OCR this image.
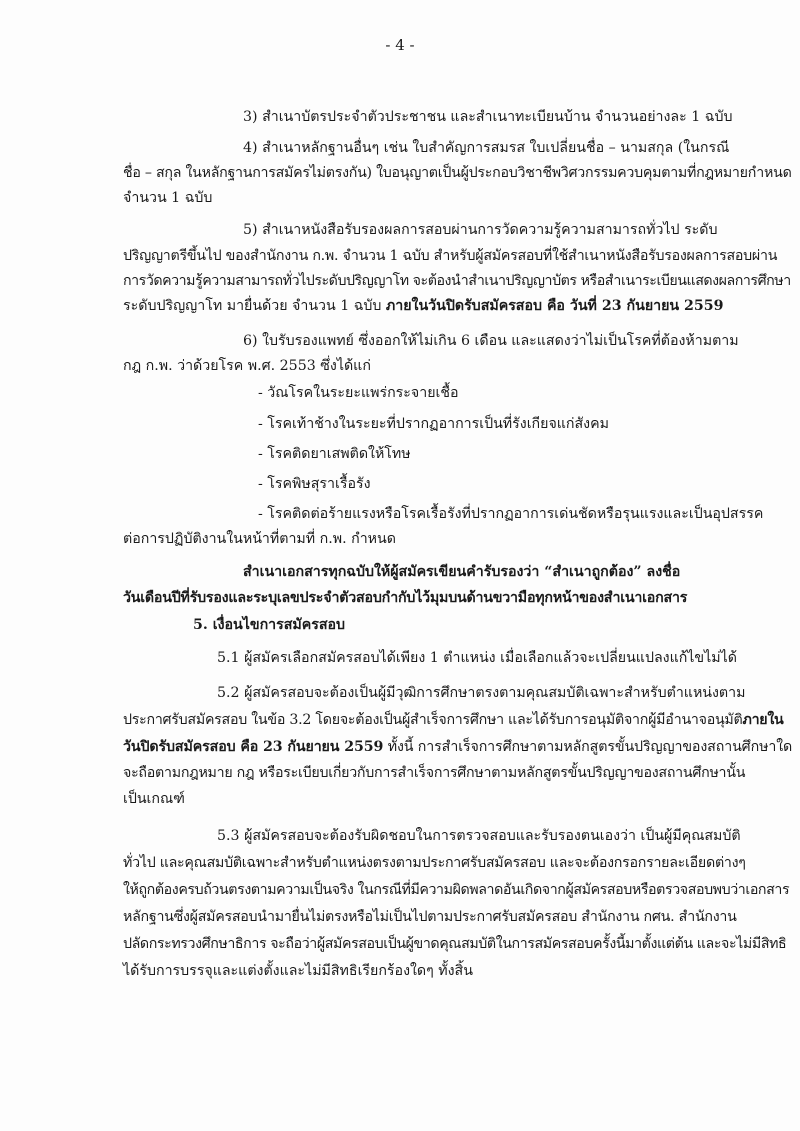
- 4 -
3) สำเนาบัตรประจำตัวประชาชน และสำเนาทะเบียนบ้าน จำนวนอย่างละ 1 ฉบับ
4) สำเนาหลักฐานอื่นๆ เช่น ใบสำคัญการสมรส ใบเปลี่ยนชื่อ – นามสกุล (ในกรณี
ชื่อ – สกุล ในหลักฐานการสมัครไม่ตรงกัน) ใบอนุญาตเป็นผู้ประกอบวิชาชีพวิศวกรรมควบคุมตามที่กฎหมายกำหนด
จำนวน 1 ฉบับ
5) สำเนาหนังสือรับรองผลการสอบผ่านการวัดความรู้ความสามารถทั่วไป ระดับ
ปริญญาตรีขึ้นไป ของสำนักงาน ก.พ. จำนวน 1 ฉบับ สำหรับผู้สมัครสอบที่ใช้สำเนาหนังสือรับรองผลการสอบผ่าน
การวัดความรู้ความสามารถทั่วไประดับปริญญาโท จะต้องนำสำเนาปริญญาบัตร หรือสำเนาระเบียนแสดงผลการศึกษา
ระดับปริญญาโท มายื่นด้วย จำนวน 1 ฉบับ ภายในวันปิดรับสมัครสอบ คือ วันที่ 23 กันยายน 2559
6) ใบรับรองแพทย์ ซึ่งออกให้ไม่เกิน 6 เดือน และแสดงว่าไม่เป็นโรคที่ต้องห้ามตาม
กฎ ก.พ. ว่าด้วยโรค พ.ศ. 2553 ซึ่งได้แก่
- วัณโรคในระยะแพร่กระจายเชื้อ
- โรคเท้าช้างในระยะที่ปรากฏอาการเป็นที่รังเกียจแก่สังคม
- โรคติดยาเสพติดให้โทษ
- โรคพิษสุราเรื้อรัง
- โรคติดต่อร้ายแรงหรือโรคเรื้อรังที่ปรากฏอาการเด่นชัดหรือรุนแรงและเป็นอุปสรรค
ต่อการปฏิบัติงานในหน้าที่ตามที่ ก.พ. กำหนด
สำเนาเอกสารทุกฉบับให้ผู้สมัครเขียนคำรับรองว่า “สำเนาถูกต้อง” ลงชื่อ
วันเดือนปีที่รับรองและระบุเลขประจำตัวสอบกำกับไว้มุมบนด้านขวามือทุกหน้าของสำเนาเอกสาร
5. เงื่อนไขการสมัครสอบ
5.1 ผู้สมัครเลือกสมัครสอบได้เพียง 1 ตำแหน่ง เมื่อเลือกแล้วจะเปลี่ยนแปลงแก้ไขไม่ได้
5.2 ผู้สมัครสอบจะต้องเป็นผู้มีวุฒิการศึกษาตรงตามคุณสมบัติเฉพาะสำหรับตำแหน่งตาม
ประกาศรับสมัครสอบ ในข้อ 3.2 โดยจะต้องเป็นผู้สำเร็จการศึกษา และได้รับการอนุมัติจากผู้มีอำนาจอนุมัติภายใน
วันปิดรับสมัครสอบ คือ 23 กันยายน 2559 ทั้งนี้ การสำเร็จการศึกษาตามหลักสูตรขั้นปริญญาของสถานศึกษาใด
จะถือตามกฎหมาย กฎ หรือระเบียบเกี่ยวกับการสำเร็จการศึกษาตามหลักสูตรขั้นปริญญาของสถานศึกษานั้น
เป็นเกณฑ์
5.3 ผู้สมัครสอบจะต้องรับผิดชอบในการตรวจสอบและรับรองตนเองว่า เป็นผู้มีคุณสมบัติ
ทั่วไป และคุณสมบัติเฉพาะสำหรับตำแหน่งตรงตามประกาศรับสมัครสอบ และจะต้องกรอกรายละเอียดต่างๆ
ให้ถูกต้องครบถ้วนตรงตามความเป็นจริง ในกรณีที่มีความผิดพลาดอันเกิดจากผู้สมัครสอบหรือตรวจสอบพบว่าเอกสาร
หลักฐานซึ่งผู้สมัครสอบนำมายื่นไม่ตรงหรือไม่เป็นไปตามประกาศรับสมัครสอบ สำนักงาน กศน. สำนักงาน
ปลัดกระทรวงศึกษาธิการ จะถือว่าผู้สมัครสอบเป็นผู้ขาดคุณสมบัติในการสมัครสอบครั้งนี้มาตั้งแต่ต้น และจะไม่มีสิทธิ
ได้รับการบรรจุและแต่งตั้งและไม่มีสิทธิเรียกร้องใดๆ ทั้งสิ้น
